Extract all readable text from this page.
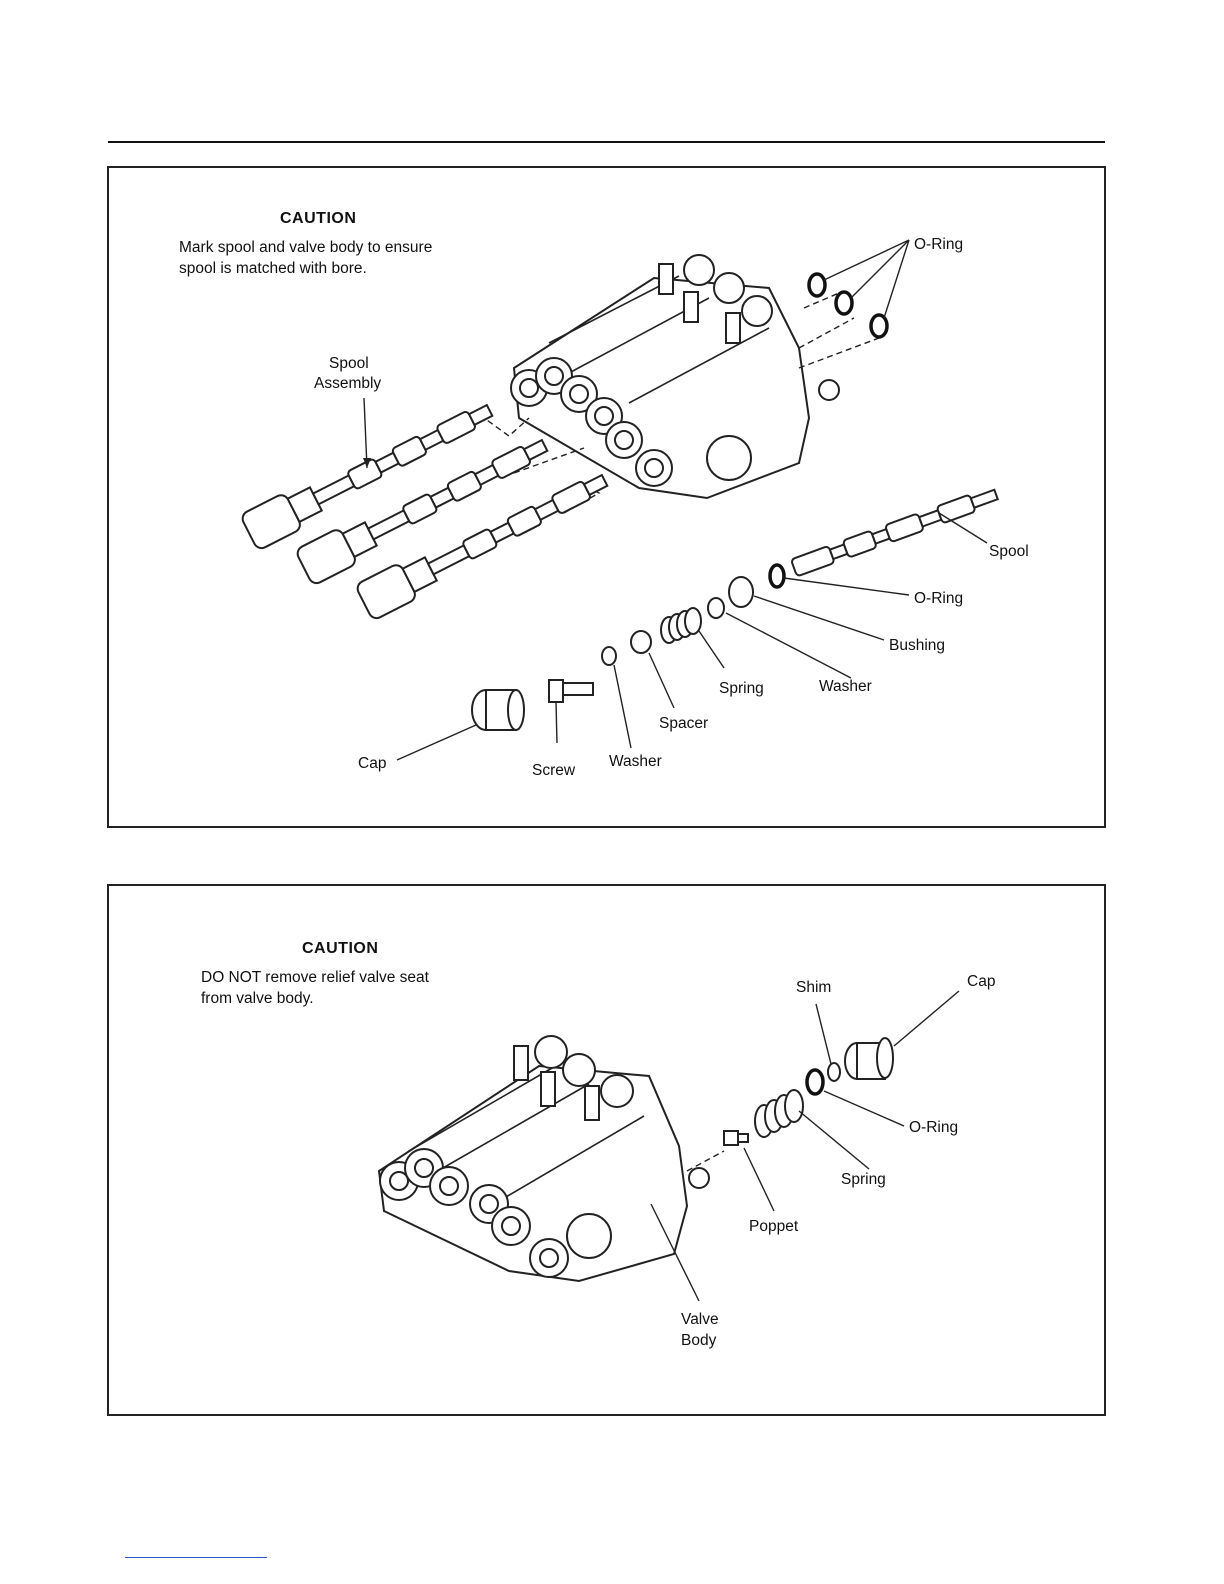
CAUTION
Mark spool and valve body to ensure
spool is matched with bore.
O-Ring
Spool
Assembly
Spool
O-Ring
Bushing
Washer
Spring
Spacer
Washer
Screw
Cap
CAUTION
DO NOT remove relief valve seat
from valve body.
Shim	Cap
O-Ring
Spring
Poppet
Valve
Body
